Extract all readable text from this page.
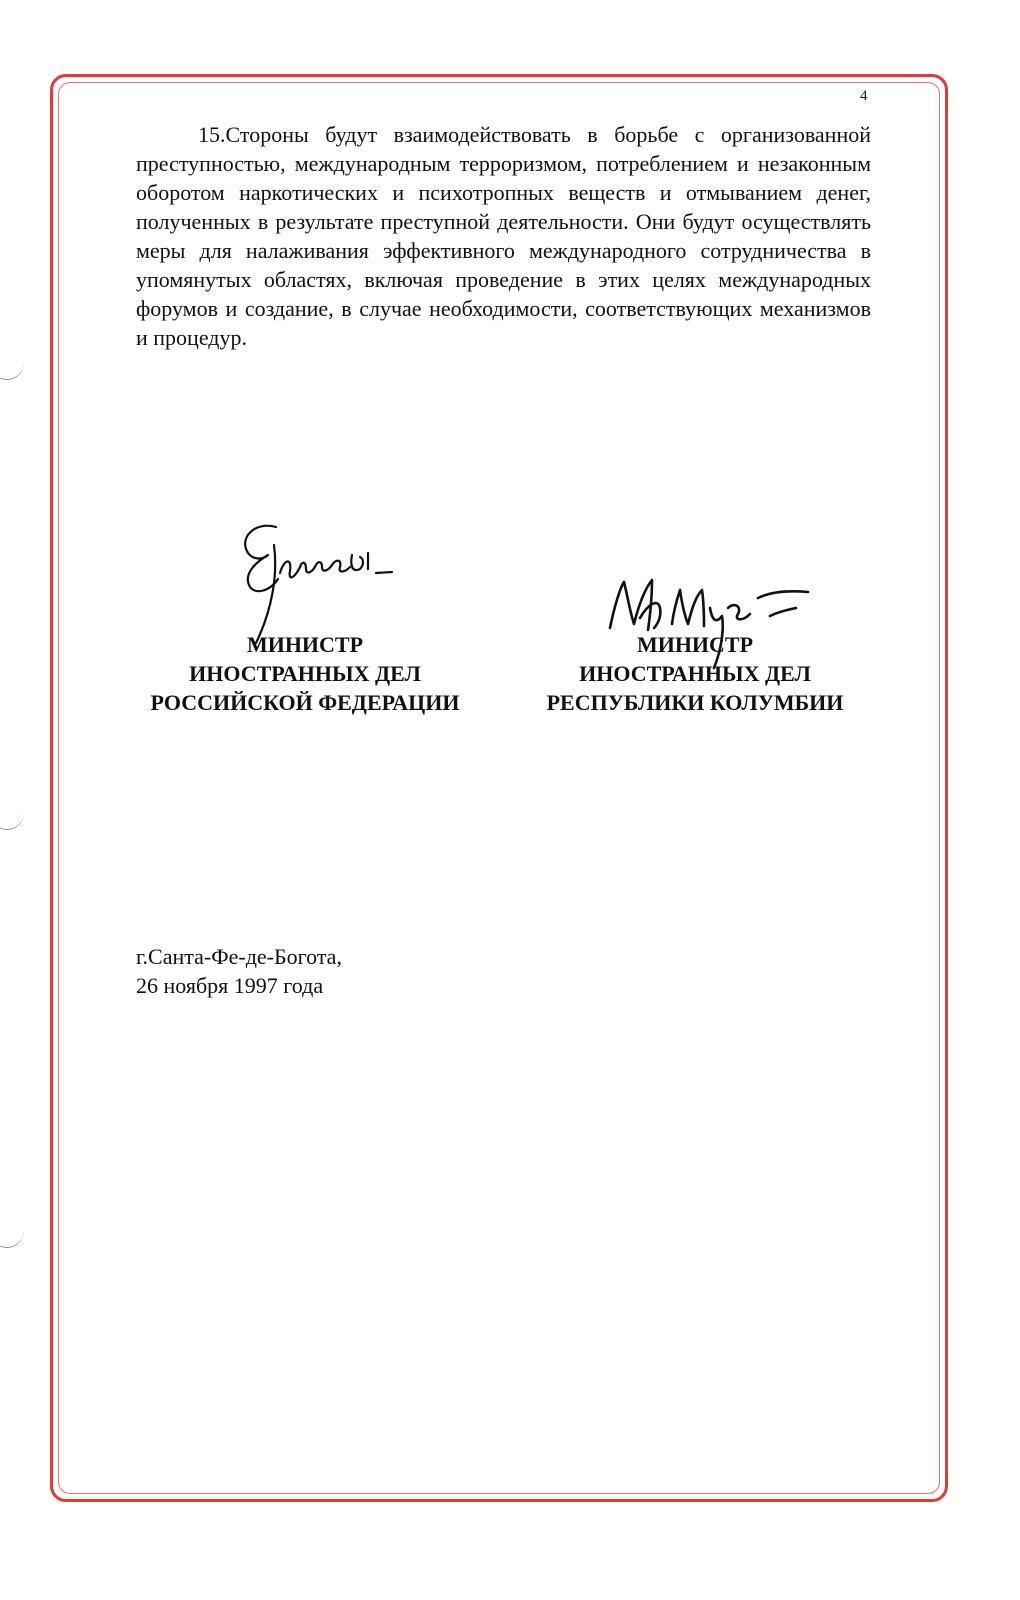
4

15.Стороны будут взаимодействовать в борьбе с организованной преступностью, международным терроризмом, потреблением и незаконным оборотом наркотических и психотропных веществ и отмыванием денег, полученных в результате преступной деятельности. Они будут осуществлять меры для налаживания эффективного международного сотрудничества в упомянутых областях, включая проведение в этих целях международных форумов и создание, в случае необходимости, соответствующих механизмов и процедур.

МИНИСТР
ИНОСТРАННЫХ ДЕЛ
РОССИЙСКОЙ ФЕДЕРАЦИИ
МИНИСТР
ИНОСТРАННЫХ ДЕЛ
РЕСПУБЛИКИ КОЛУМБИИ
г.Санта-Фе-де-Богота,
26 ноября 1997 года
